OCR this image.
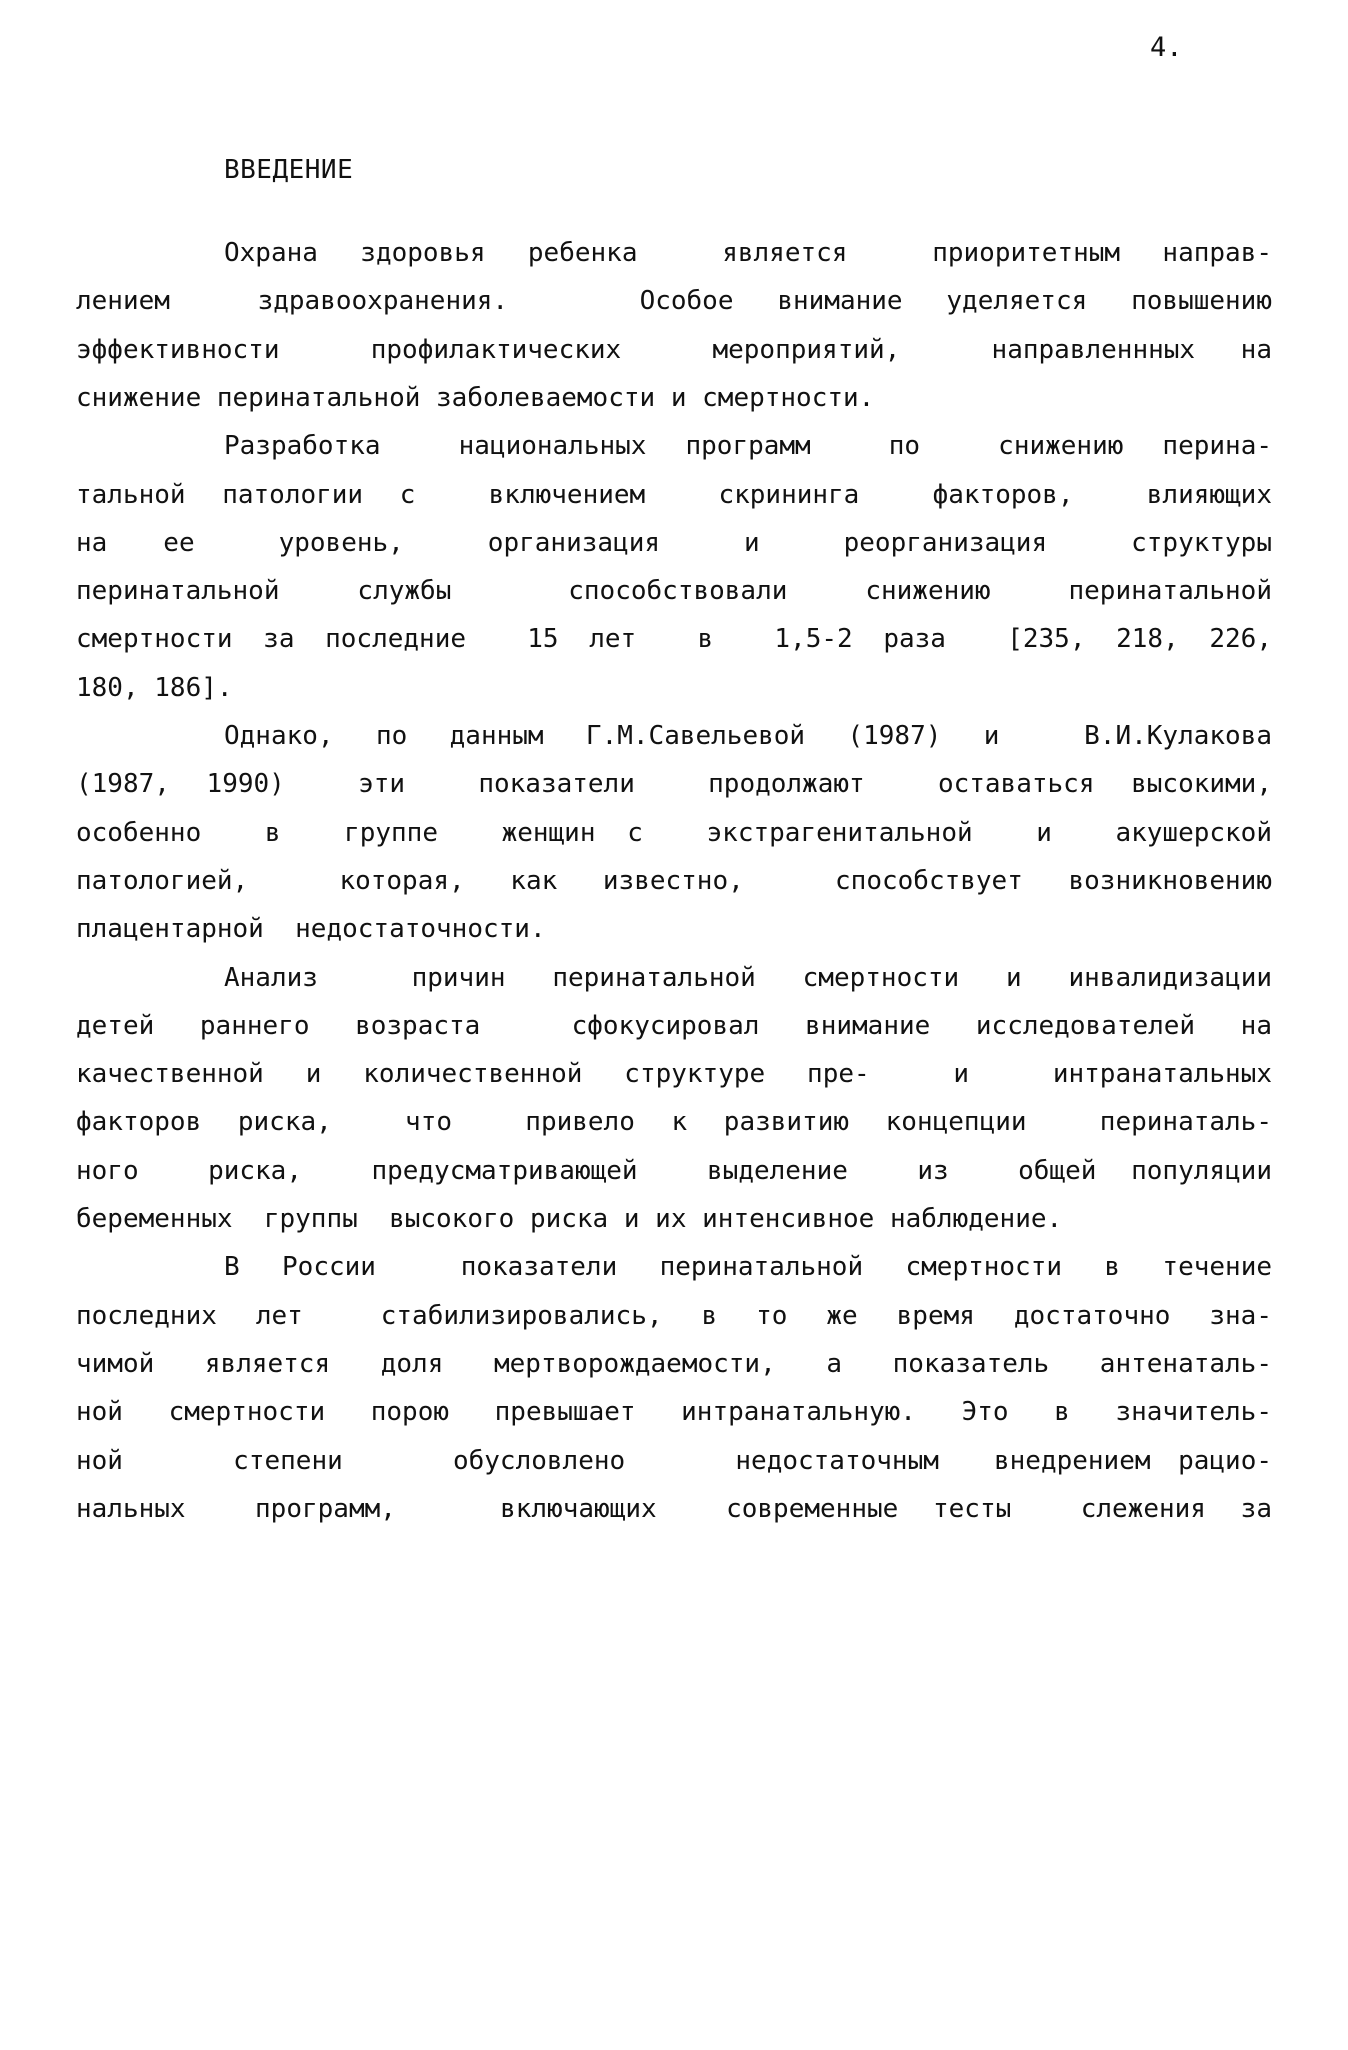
4.
ВВЕДЕНИЕ
Охрана здоровья ребенка  является  приоритетным направ-
лением  здравоохранения.   Особое внимание уделяется повышению
эффективности  профилактических  мероприятий,  направленнных на
снижение перинатальной заболеваемости и смертности.
Разработка  национальных программ  по  снижению перина-
тальной патологии с  включением  скрининга  факторов,  влияющих
на  ее   уровень,   организация   и   реорганизация   структуры
перинатальной  службы   способствовали  снижению  перинатальной
смертности за последние  15 лет  в  1,5-2 раза  [235, 218, 226,
180, 186].
Однако, по данным Г.М.Савельевой (1987) и  В.И.Кулакова
(1987, 1990)  эти  показатели  продолжают  оставаться высокими,
особенно  в  группе  женщин с  экстрагенитальной  и  акушерской
патологией,  которая, как известно,  способствует возникновению
плацентарной  недостаточности.
Анализ  причин перинатальной смертности и инвалидизации
детей раннего возраста  сфокусировал внимание исследователей на
качественной и количественной структуре пре-  и  интранатальных
факторов риска,  что  привело к развитию концепции  перинаталь-
ного  риска,  предусматривающей  выделение  из  общей популяции
беременных  группы  высокого риска и их интенсивное наблюдение.
В России  показатели перинатальной смертности в течение
последних лет  стабилизировались, в то же время достаточно зна-
чимой является доля мертворождаемости, а показатель антенаталь-
ной смертности порою превышает интранатальную. Это в значитель-
ной    степени    обусловлено    недостаточным  внедрением рацио-
нальных  программ,   включающих  современные тесты  слежения за
